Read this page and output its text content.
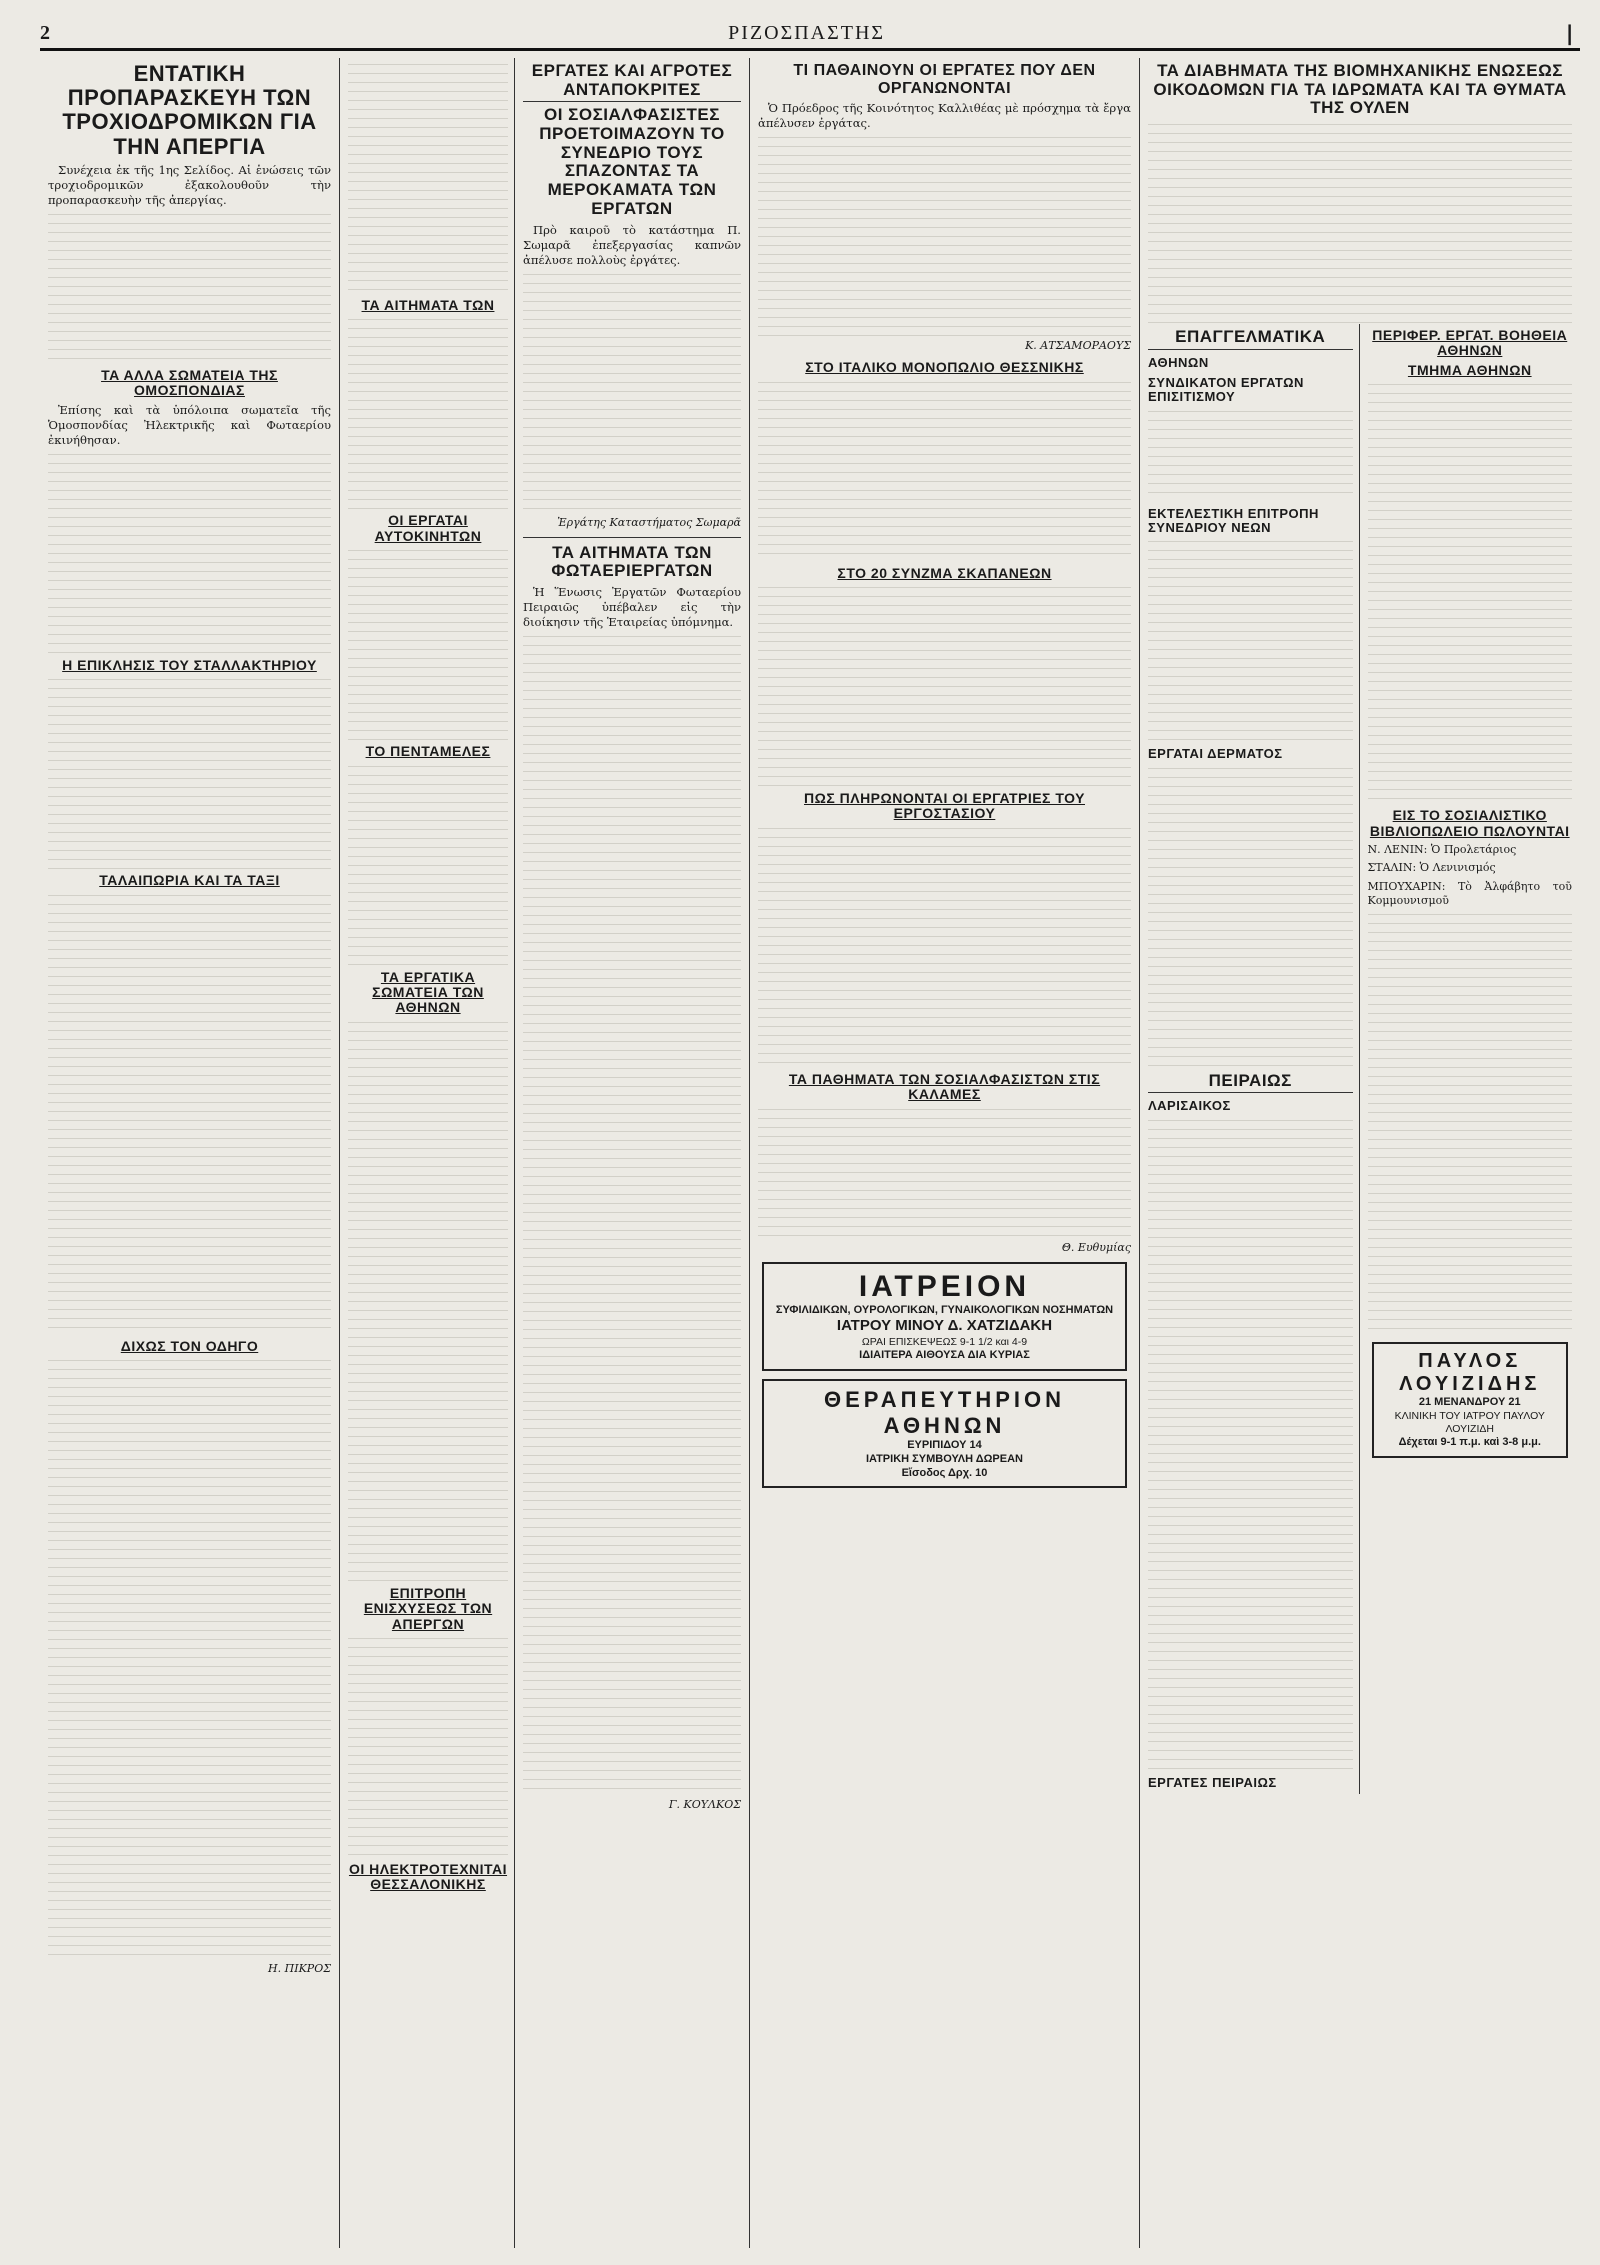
2	ΡΙΖΟΣΠΑΣΤΗΣ	❘
ΕΝΤΑΤΙΚΗ ΠΡΟΠΑΡΑΣΚΕΥΗ ΤΩΝ ΤΡΟΧΙΟΔΡΟΜΙΚΩΝ ΓΙΑ ΤΗΝ ΑΠΕΡΓΙΑ

Συνέχεια ἐκ τῆς 1ης Σελίδος. Αἱ ἑνώσεις τῶν τροχιοδρομικῶν ἐξακολουθοῦν τὴν προπαρασκευὴν τῆς ἀπεργίας.

ΤΑ ΑΛΛΑ ΣΩΜΑΤΕΙΑ ΤΗΣ ΟΜΟΣΠΟΝΔΙΑΣ

Ἐπίσης καὶ τὰ ὑπόλοιπα σωματεῖα τῆς Ὁμοσπονδίας Ἠλεκτρικῆς καὶ Φωταερίου ἐκινήθησαν.

Η ΕΠΙΚΛΗΣΙΣ ΤΟΥ ΣΤΑΛΛΑΚΤΗΡΙΟΥ
ΤΑΛΑΙΠΩΡΙΑ ΚΑΙ ΤΑ ΤΑΞΙ
ΔΙΧΩΣ ΤΟΝ ΟΔΗΓΟ
Η. ΠΙΚΡΟΣ
ΤΑ ΑΙΤΗΜΑΤΑ ΤΩΝ
ΟΙ ΕΡΓΑΤΑΙ ΑΥΤΟΚΙΝΗΤΩΝ
ΤΟ ΠΕΝΤΑΜΕΛΕΣ
ΤΑ ΕΡΓΑΤΙΚΑ ΣΩΜΑΤΕΙΑ ΤΩΝ ΑΘΗΝΩΝ
ΕΠΙΤΡΟΠΗ ΕΝΙΣΧΥΣΕΩΣ ΤΩΝ ΑΠΕΡΓΩΝ
ΟΙ ΗΛΕΚΤΡΟΤΕΧΝΙΤΑΙ ΘΕΣΣΑΛΟΝΙΚΗΣ
ΕΡΓΑΤΕΣ ΚΑΙ ΑΓΡΟΤΕΣ ΑΝΤΑΠΟΚΡΙΤΕΣ
ΟΙ ΣΟΣΙΑΛΦΑΣΙΣΤΕΣ ΠΡΟΕΤΟΙΜΑΖΟΥΝ ΤΟ ΣΥΝΕΔΡΙΟ ΤΟΥΣ ΣΠΑΖΟΝΤΑΣ ΤΑ ΜΕΡΟΚΑΜΑΤΑ ΤΩΝ ΕΡΓΑΤΩΝ

Πρὸ καιροῦ τὸ κατάστημα Π. Σωμαρᾶ ἐπεξεργασίας καπνῶν ἀπέλυσε πολλοὺς ἐργάτες.

Ἐργάτης Καταστήματος Σωμαρᾶ
ΤΑ ΑΙΤΗΜΑΤΑ ΤΩΝ ΦΩΤΑΕΡΙΕΡΓΑΤΩΝ

Ἡ Ἕνωσις Ἐργατῶν Φωταερίου Πειραιῶς ὑπέβαλεν εἰς τὴν διοίκησιν τῆς Ἑταιρείας ὑπόμνημα.

Γ. ΚΟΥΛΚΟΣ
ΤΙ ΠΑΘΑΙΝΟΥΝ ΟΙ ΕΡΓΑΤΕΣ ΠΟΥ ΔΕΝ ΟΡΓΑΝΩΝΟΝΤΑΙ

Ὁ Πρόεδρος τῆς Κοινότητος Καλλιθέας μὲ πρόσχημα τὰ ἔργα ἀπέλυσεν ἐργάτας.

Κ. ΑΤΣΑΜΟΡΑΟΥΣ
ΣΤΟ ΙΤΑΛΙΚΟ ΜΟΝΟΠΩΛΙΟ ΘΕΣΣΝΙΚΗΣ
ΣΤΟ 20 ΣΥΝΖΜΑ ΣΚΑΠΑΝΕΩΝ
ΠΩΣ ΠΛΗΡΩΝΟΝΤΑΙ ΟΙ ΕΡΓΑΤΡΙΕΣ ΤΟΥ ΕΡΓΟΣΤΑΣΙΟΥ
ΤΑ ΠΑΘΗΜΑΤΑ ΤΩΝ ΣΟΣΙΑΛΦΑΣΙΣΤΩΝ ΣΤΙΣ ΚΑΛΑΜΕΣ
Θ. Ευθυμίας
ΙΑΤΡΕΙΟΝ
ΣΥΦΙΛΙΔΙΚΩΝ, ΟΥΡΟΛΟΓΙΚΩΝ, ΓΥΝΑΙΚΟΛΟΓΙΚΩΝ ΝΟΣΗΜΑΤΩΝ
ΙΑΤΡΟΥ ΜΙΝΟΥ Δ. ΧΑΤΖΙΔΑΚΗ
ΩΡΑΙ ΕΠΙΣΚΕΨΕΩΣ 9-1 1/2 και 4-9
ΙΔΙΑΙΤΕΡΑ ΑΙΘΟΥΣΑ ΔΙΑ ΚΥΡΙΑΣ
ΘΕΡΑΠΕΥΤΗΡΙΟΝ ΑΘΗΝΩΝ
ΕΥΡΙΠΙΔΟΥ 14
ΙΑΤΡΙΚΗ ΣΥΜΒΟΥΛΗ ΔΩΡΕΑΝ
Εἴσοδος Δρχ. 10
ΤΑ ΔΙΑΒΗΜΑΤΑ ΤΗΣ ΒΙΟΜΗΧΑΝΙΚΗΣ ΕΝΩΣΕΩΣ ΟΙΚΟΔΟΜΩΝ ΓΙΑ ΤΑ ΙΔΡΩΜΑΤΑ ΚΑΙ ΤΑ ΘΥΜΑΤΑ ΤΗΣ ΟΥΛΕΝ
ΕΠΑΓΓΕΛΜΑΤΙΚΑ
ΑΘΗΝΩΝ
ΣΥΝΔΙΚΑΤΟΝ ΕΡΓΑΤΩΝ ΕΠΙΣΙΤΙΣΜΟΥ
ΕΚΤΕΛΕΣΤΙΚΗ ΕΠΙΤΡΟΠΗ ΣΥΝΕΔΡΙΟΥ ΝΕΩΝ
ΕΡΓΑΤΑΙ ΔΕΡΜΑΤΟΣ
ΠΕΙΡΑΙΩΣ
ΛΑΡΙΣΑΙΚΟΣ
ΕΡΓΑΤΕΣ ΠΕΙΡΑΙΩΣ
ΠΕΡΙΦΕΡ. ΕΡΓΑΤ. ΒΟΗΘΕΙΑ ΑΘΗΝΩΝ
ΤΜΗΜΑ ΑΘΗΝΩΝ
ΕΙΣ ΤΟ ΣΟΣΙΑΛΙΣΤΙΚΟ ΒΙΒΛΙΟΠΩΛΕΙΟ ΠΩΛΟΥΝΤΑΙ

Ν. ΛΕΝΙΝ: Ὁ Προλετάριος

ΣΤΑΛΙΝ: Ὁ Λενινισμός

ΜΠΟΥΧΑΡΙΝ: Τὸ Ἀλφάβητο τοῦ Κομμουνισμοῦ

ΠΑΥΛΟΣ ΛΟΥΙΖΙΔΗΣ
21 ΜΕΝΑΝΔΡΟΥ 21
ΚΛΙΝΙΚΗ ΤΟΥ ΙΑΤΡΟΥ ΠΑΥΛΟΥ ΛΟΥΙΖΙΔΗ
Δέχεται 9-1 π.μ. καὶ 3-8 μ.μ.
